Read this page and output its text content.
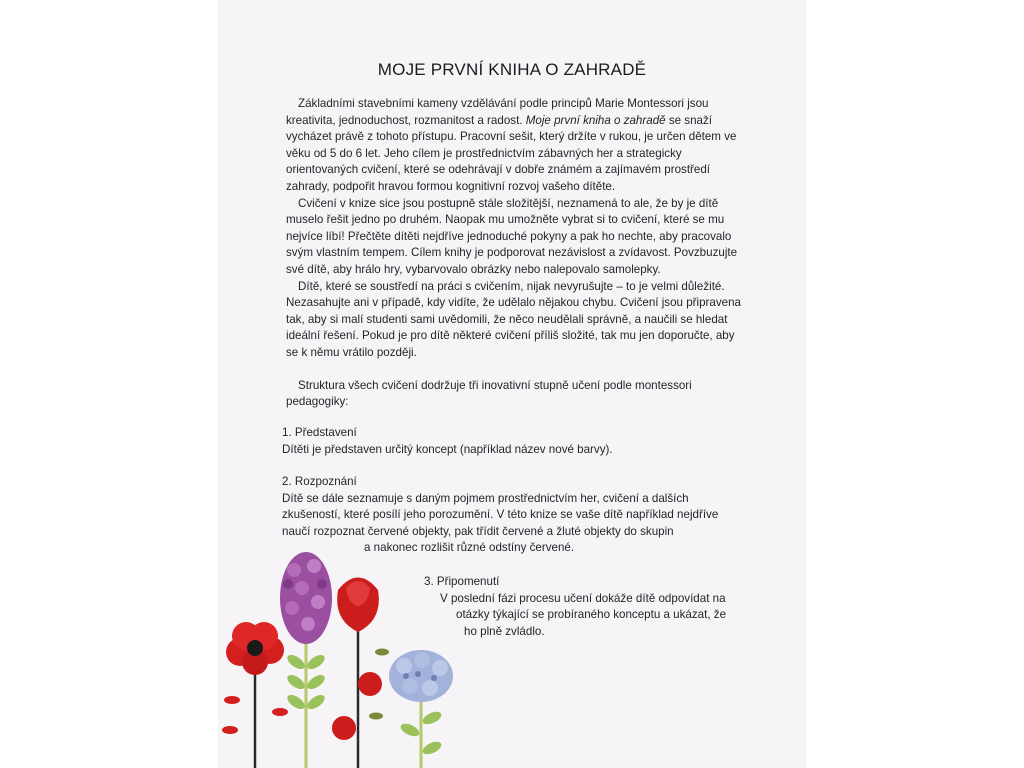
MOJE PRVNÍ KNIHA O ZAHRADĚ

Základními stavebními kameny vzdělávání podle principů Marie Montessori jsou kreativita, jednoduchost, rozmanitost a radost. Moje první kniha o zahradě se snaží vycházet právě z tohoto přístupu. Pracovní sešit, který držíte v rukou, je určen dětem ve věku od 5 do 6 let. Jeho cílem je prostřednictvím zábavných her a strategicky orientovaných cvičení, které se odehrávají v dobře známém a zajímavém prostředí zahrady, podpořit hravou formou kognitivní rozvoj vašeho dítěte.

Cvičení v knize sice jsou postupně stále složitější, neznamená to ale, že by je dítě muselo řešit jedno po druhém. Naopak mu umožněte vybrat si to cvičení, které se mu nejvíce líbí! Přečtěte dítěti nejdříve jednoduché pokyny a pak ho nechte, aby pracovalo svým vlastním tempem. Cílem knihy je podporovat nezávislost a zvídavost. Povzbuzujte své dítě, aby hrálo hry, vybarvovalo obrázky nebo nalepovalo samolepky.

Dítě, které se soustředí na práci s cvičením, nijak nevyrušujte – to je velmi důležité. Nezasahujte ani v případě, kdy vidíte, že udělalo nějakou chybu. Cvičení jsou připravena tak, aby si malí studenti sami uvědomili, že něco neudělali správně, a naučili se hledat ideální řešení. Pokud je pro dítě některé cvičení příliš složité, tak mu jen doporučte, aby se k němu vrátilo později.

Struktura všech cvičení dodržuje tři inovativní stupně učení podle montessori pedagogiky:

1. Představení
Dítěti je představen určitý koncept (například název nové barvy).
2. Rozpoznání
Dítě se dále seznamuje s daným pojmem prostřednictvím her, cvičení a dalších
zkušeností, které posílí jeho porozumění. V této knize se vaše dítě například nejdříve
naučí rozpoznat červené objekty, pak třídit červené a žluté objekty do skupin
a nakonec rozlišit různé odstíny červené.
3. Připomenutí
V poslední fázi procesu učení dokáže dítě odpovídat na
otázky týkající se probíraného konceptu a ukázat, že
ho plně zvládlo.
